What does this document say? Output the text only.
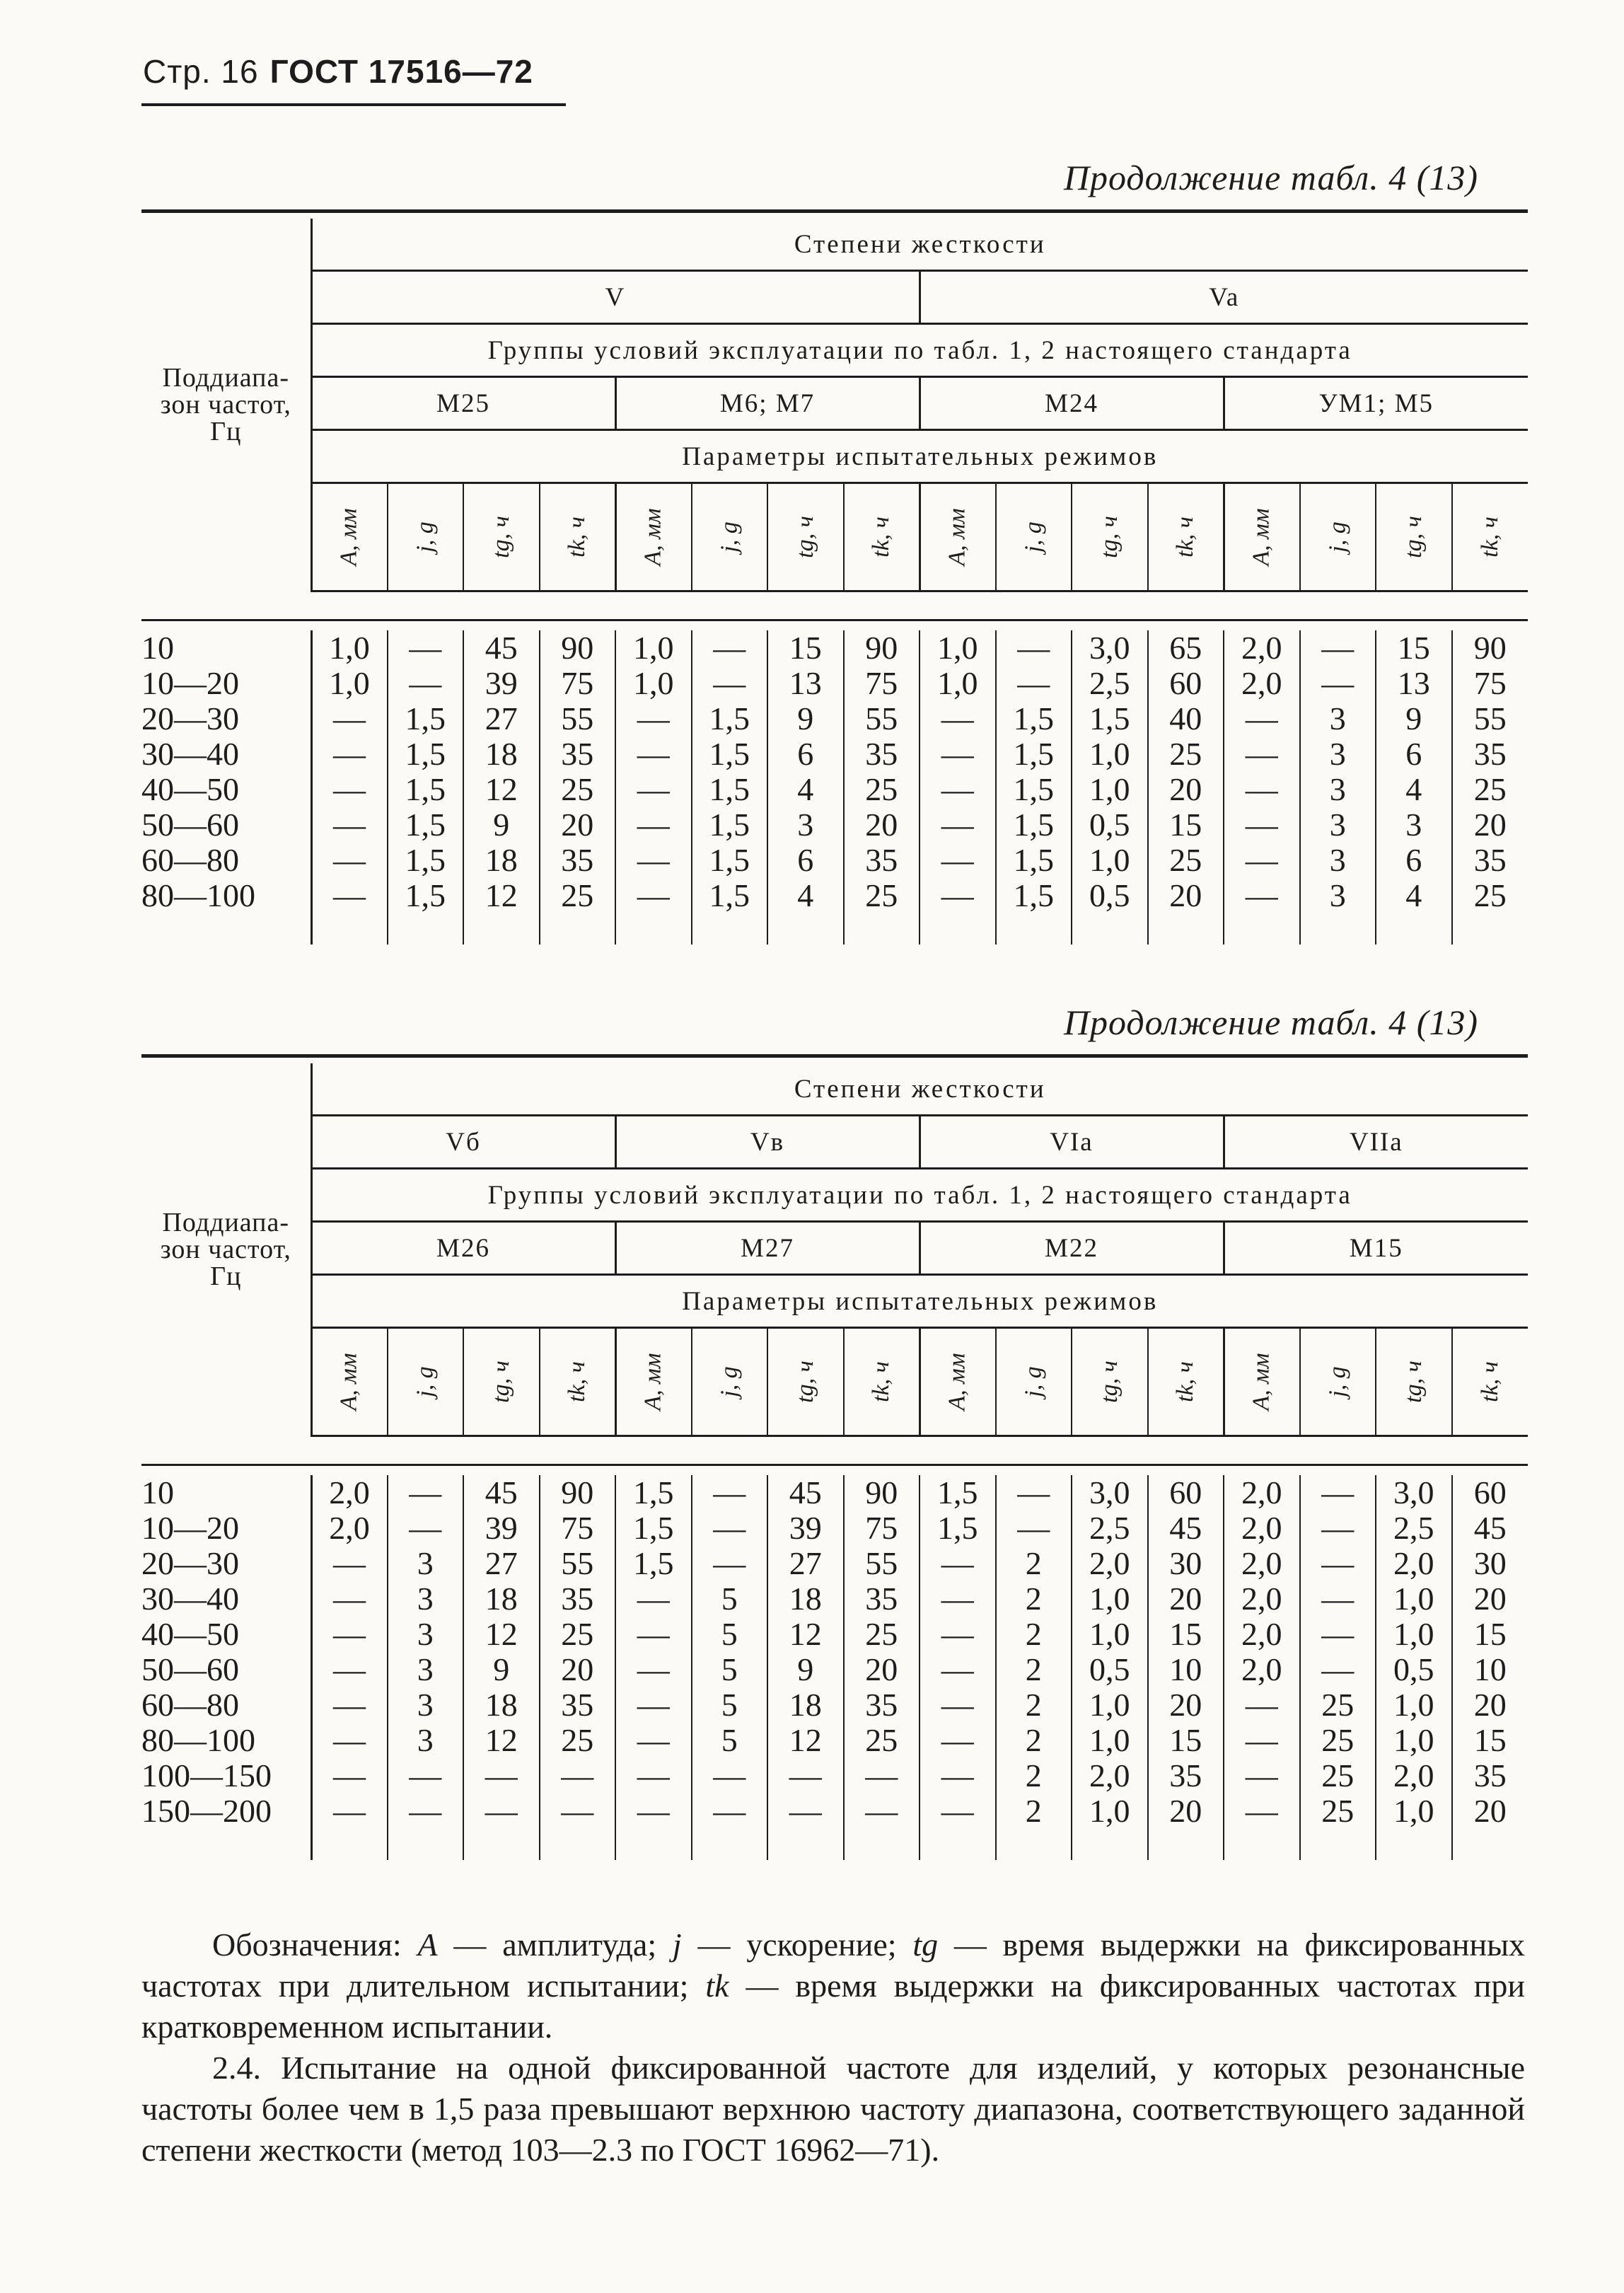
Стр. 16 ГОСТ 17516—72
Продолжение табл. 4 (13)

Поддиапа-
зон частот,
Гц	Степени жесткости															
	V								Va							
	Группы условий эксплуатации по табл. 1, 2 настоящего стандарта															
	М25				М6; М7				М24				УМ1; М5			
	Параметры испытательных режимов															
	A, мм	j, g	tg, ч	tk, ч	A, мм	j, g	tg, ч	tk, ч	A, мм	j, g	tg, ч	tk, ч	A, мм	j, g	tg, ч	tk, ч

10	1,0	—	45	90	1,0	—	15	90	1,0	—	3,0	65	2,0	—	15	90
10—20	1,0	—	39	75	1,0	—	13	75	1,0	—	2,5	60	2,0	—	13	75
20—30	—	1,5	27	55	—	1,5	9	55	—	1,5	1,5	40	—	3	9	55
30—40	—	1,5	18	35	—	1,5	6	35	—	1,5	1,0	25	—	3	6	35
40—50	—	1,5	12	25	—	1,5	4	25	—	1,5	1,0	20	—	3	4	25
50—60	—	1,5	9	20	—	1,5	3	20	—	1,5	0,5	15	—	3	3	20
60—80	—	1,5	18	35	—	1,5	6	35	—	1,5	1,0	25	—	3	6	35
80—100	—	1,5	12	25	—	1,5	4	25	—	1,5	0,5	20	—	3	4	25

Продолжение табл. 4 (13)

Поддиапа-
зон частот,
Гц	Степени жесткости															
	Vб				Vв				VIa				VIIa			
	Группы условий эксплуатации по табл. 1, 2 настоящего стандарта															
	М26				М27				М22				М15			
	Параметры испытательных режимов															
	A, мм	j, g	tg, ч	tk, ч	A, мм	j, g	tg, ч	tk, ч	A, мм	j, g	tg, ч	tk, ч	A, мм	j, g	tg, ч	tk, ч

10	2,0	—	45	90	1,5	—	45	90	1,5	—	3,0	60	2,0	—	3,0	60
10—20	2,0	—	39	75	1,5	—	39	75	1,5	—	2,5	45	2,0	—	2,5	45
20—30	—	3	27	55	1,5	—	27	55	—	2	2,0	30	2,0	—	2,0	30
30—40	—	3	18	35	—	5	18	35	—	2	1,0	20	2,0	—	1,0	20
40—50	—	3	12	25	—	5	12	25	—	2	1,0	15	2,0	—	1,0	15
50—60	—	3	9	20	—	5	9	20	—	2	0,5	10	2,0	—	0,5	10
60—80	—	3	18	35	—	5	18	35	—	2	1,0	20	—	25	1,0	20
80—100	—	3	12	25	—	5	12	25	—	2	1,0	15	—	25	1,0	15
100—150	—	—	—	—	—	—	—	—	—	2	2,0	35	—	25	2,0	35
150—200	—	—	—	—	—	—	—	—	—	2	1,0	20	—	25	1,0	20

Обозначения: A — амплитуда; j — ускорение; tg — время выдержки на фиксированных частотах при длительном испытании; tk — время выдержки на фиксированных частотах при кратковременном испытании.

2.4. Испытание на одной фиксированной частоте для изделий, у которых резонансные частоты более чем в 1,5 раза превышают верхнюю частоту диапазона, соответствующего заданной степени жесткости (метод 103—2.3 по ГОСТ 16962—71).
